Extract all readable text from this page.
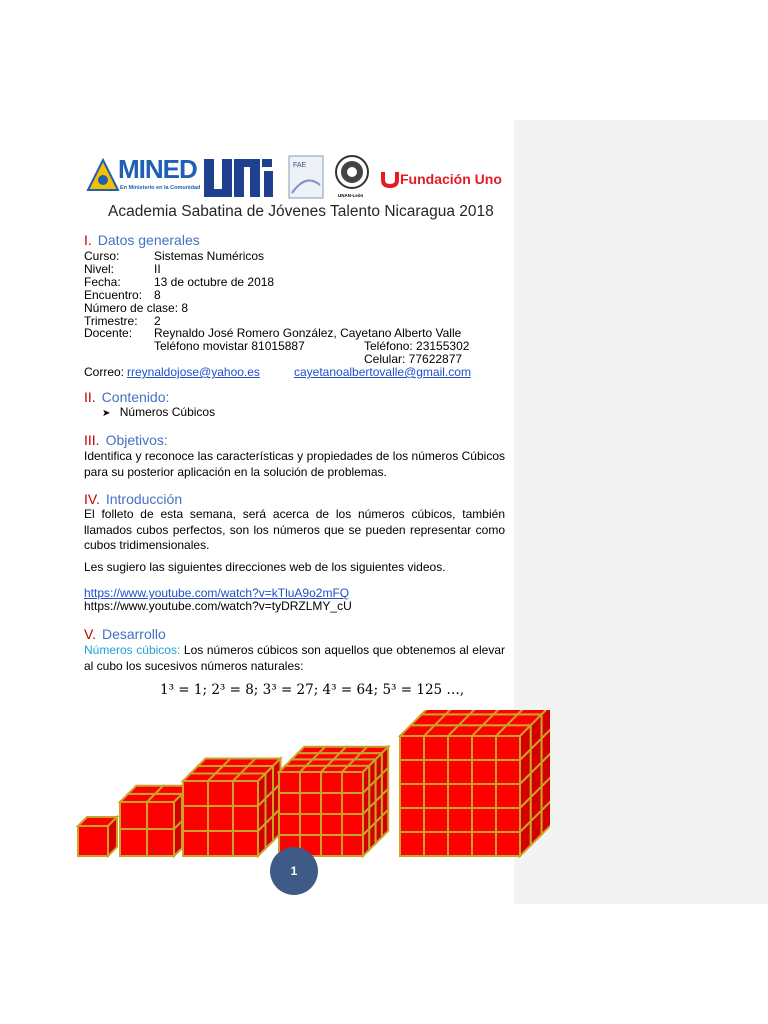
MINED
En Ministerio en la Comunidad
FAE
UNAN-León
Fundación Uno
Academia Sabatina de Jóvenes Talento Nicaragua 2018
I. Datos generales
Curso:	Sistemas Numéricos
Nivel:	II
Fecha:	13 de octubre de 2018
Encuentro: 8
Número de clase: 8
Trimestre: 2
Docente: Reynaldo José Romero González, Cayetano Alberto Valle
Teléfono movistar 81015887	Teléfono: 23155302
Celular: 77622877
Correo: rreynaldojose@yahoo.es	cayetanoalbertovalle@gmail.com
II. Contenido:
➤ Números Cúbicos
III. Objetivos:
Identifica y reconoce las características y propiedades de los números Cúbicos para su posterior aplicación en la solución de problemas.
IV. Introducción
El folleto de esta semana, será acerca de los números cúbicos, también llamados cubos perfectos, son los números que se pueden representar como cubos tridimensionales.
Les sugiero las siguientes direcciones web de los siguientes videos.
https://www.youtube.com/watch?v=kTluA9o2mFQ
https://www.youtube.com/watch?v=tyDRZLMY_cU
V. Desarrollo
Números cúbicos: Los números cúbicos son aquellos que obtenemos al elevar al cubo los sucesivos números naturales:
1³ = 1; 2³ = 8; 3³ = 27; 4³ = 64; 5³ = 125 …,
1
